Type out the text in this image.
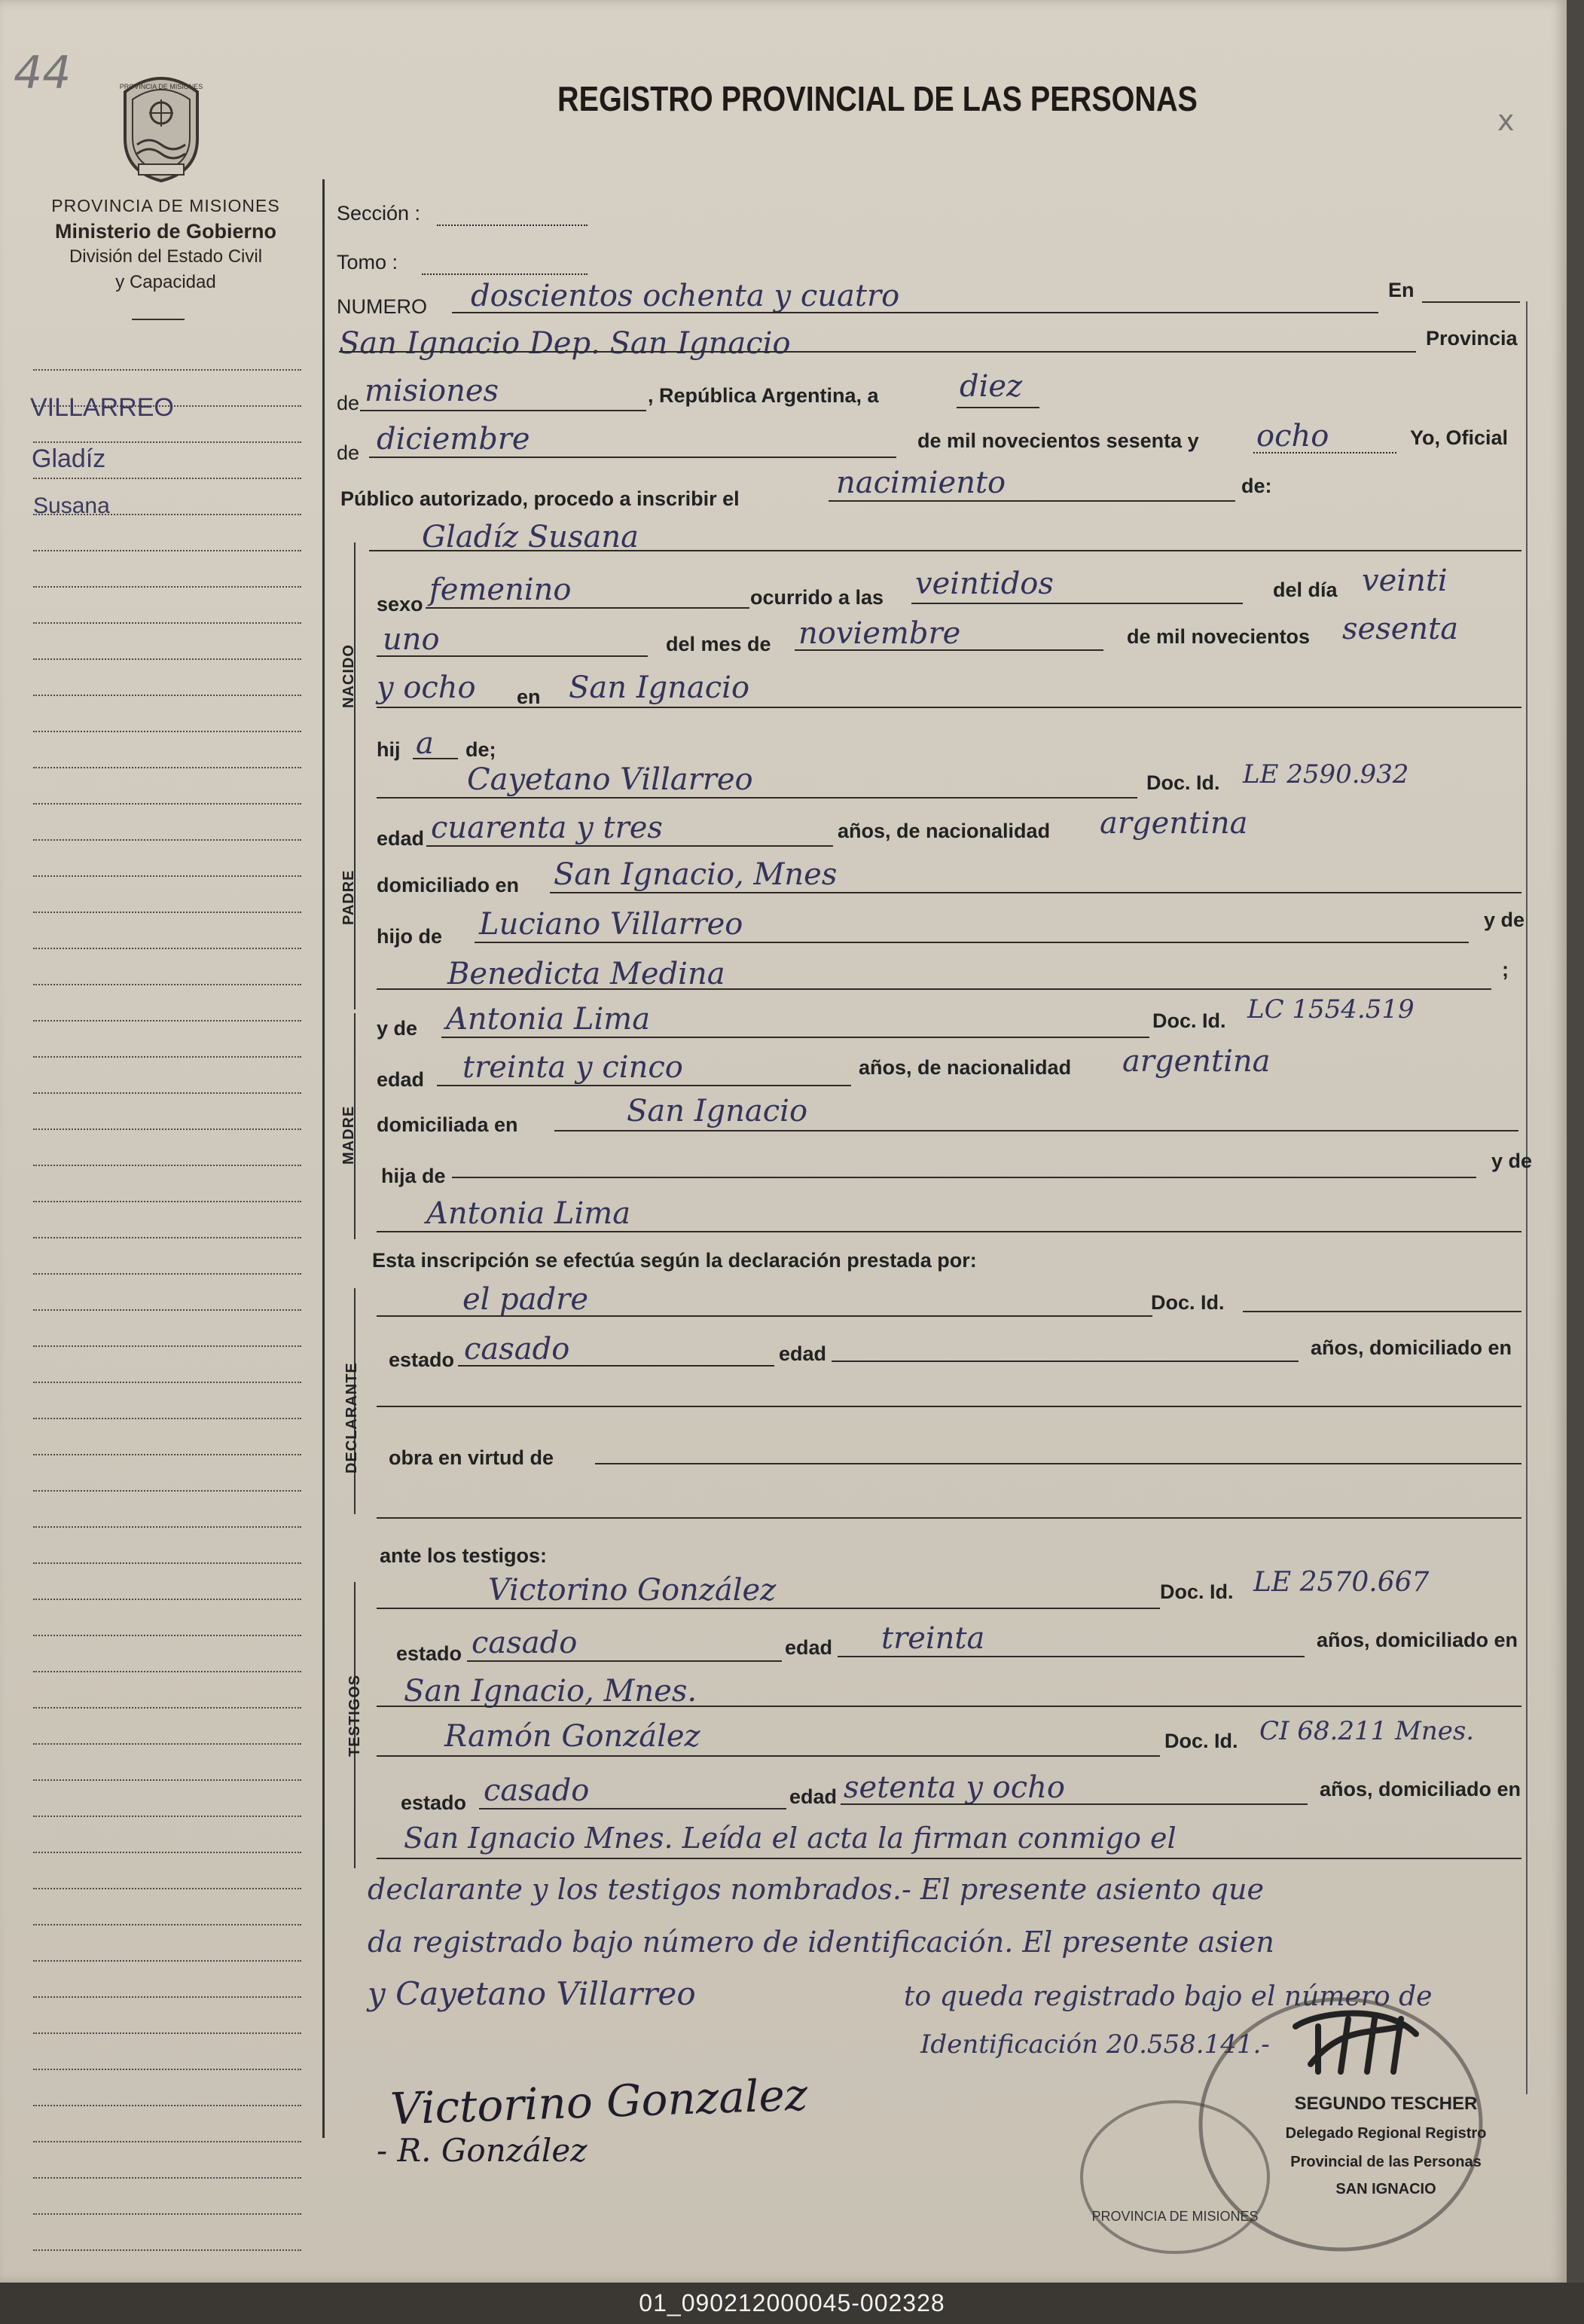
44
x
PROVINCIA DE MISIONES
PROVINCIA DE MISIONES
Ministerio de Gobierno
División del Estado Civil
y Capacidad
REGISTRO PROVINCIAL DE LAS PERSONAS
VILLARREO
Gladíz
Susana
Sección :
Tomo :
NUMERO doscientos ochenta y cuatro	En
San Ignacio Dep. San Ignacio	Provincia
de misiones	, República Argentina, a	diez
de diciembre	de mil novecientos sesenta y ocho	Yo, Oficial
Público autorizado, procedo a inscribir el	nacimiento	de:
NACIDO
Gladíz Susana
sexo femenino	ocurrido a las veintidos	del día veinti
uno	del mes de noviembre	de mil novecientos sesenta
y ocho en San Ignacio
hij a de;
PADRE
Cayetano Villarreo	Doc. Id. LE 2590.932
edad cuarenta y tres	años, de nacionalidad argentina
domiciliado en San Ignacio, Mnes
hijo de Luciano Villarreo	y de
Benedicta Medina	;
MADRE
y de Antonia Lima	Doc. Id. LC 1554.519
edad treinta y cinco	años, de nacionalidad argentina
domiciliada en	San Ignacio
hija de
y de
Antonia Lima
Esta inscripción se efectúa según la declaración prestada por:
DECLARANTE
el padre	Doc. Id.
estado casado	edad	años, domiciliado en
obra en virtud de
ante los testigos:
TESTIGOS
Victorino González	Doc. Id. LE 2570.667
estado casado	edad treinta	años, domiciliado en
San Ignacio, Mnes.
Ramón González	Doc. Id. CI 68.211 Mnes.
estado casado	edad setenta y ocho	años, domiciliado en
San Ignacio Mnes. Leída el acta la firman conmigo el
declarante y los testigos nombrados.- El presente asiento que
da registrado bajo número de identificación. El presente asien
y Cayetano Villarreo	to queda registrado bajo el número de
Identificación 20.558.141.-
Victorino Gonzalez
- R. González
SEGUNDO TESCHER
Delegado Regional Registro
Provincial de las Personas
SAN IGNACIO
PROVINCIA DE MISIONES
01_090212000045-002328
